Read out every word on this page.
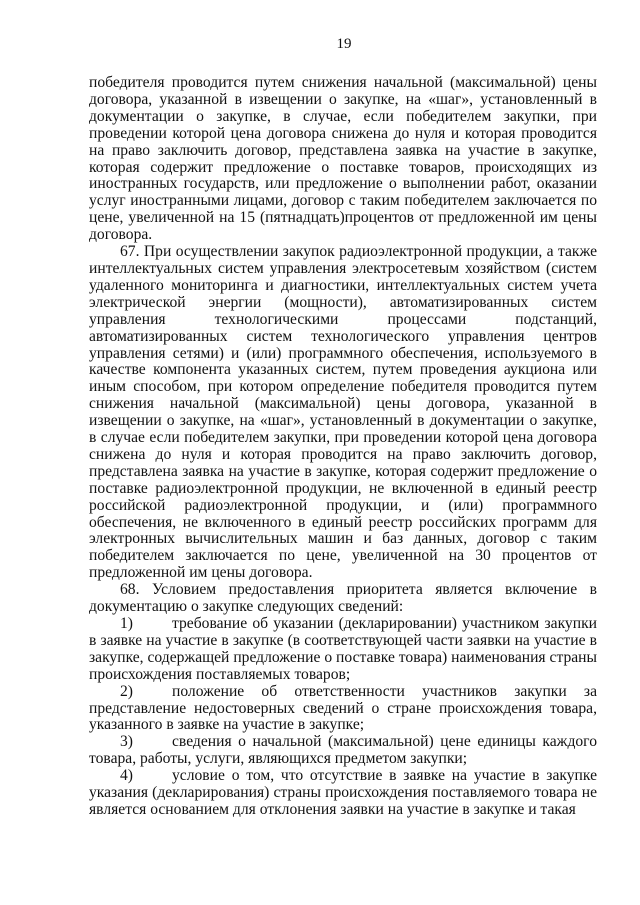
19

победителя проводится путем снижения начальной (максимальной) цены договора, указанной в извещении о закупке, на «шаг», установленный в документации о закупке, в случае, если победителем закупки, при проведении которой цена договора снижена до нуля и которая проводится на право заключить договор, представлена заявка на участие в закупке, которая содержит предложение о поставке товаров, происходящих из иностранных государств, или предложение о выполнении работ, оказании услуг иностранными лицами, договор с таким победителем заключается по цене, увеличенной на 15 (пятнадцать)процентов от предложенной им цены договора.

67. При осуществлении закупок радиоэлектронной продукции, а также интеллектуальных систем управления электросетевым хозяйством (систем удаленного мониторинга и диагностики, интеллектуальных систем учета электрической энергии (мощности), автоматизированных систем управления технологическими процессами подстанций, автоматизированных систем технологического управления центров управления сетями) и (или) программного обеспечения, используемого в качестве компонента указанных систем, путем проведения аукциона или иным способом, при котором определение победителя проводится путем снижения начальной (максимальной) цены договора, указанной в извещении о закупке, на «шаг», установленный в документации о закупке, в случае если победителем закупки, при проведении которой цена договора снижена до нуля и которая проводится на право заключить договор, представлена заявка на участие в закупке, которая содержит предложение о поставке радиоэлектронной продукции, не включенной в единый реестр российской радиоэлектронной продукции, и (или) программного обеспечения, не включенного в единый реестр российских программ для электронных вычислительных машин и баз данных, договор с таким победителем заключается по цене, увеличенной на 30 процентов от предложенной им цены договора.

68. Условием предоставления приоритета является включение в документацию о закупке следующих сведений:

1)	требование об указании (декларировании) участником закупки в заявке на участие в закупке (в соответствующей части заявки на участие в закупке, содержащей предложение о поставке товара) наименования страны происхождения поставляемых товаров;

2)	положение об ответственности участников закупки за представление недостоверных сведений о стране происхождения товара, указанного в заявке на участие в закупке;

3)	сведения о начальной (максимальной) цене единицы каждого товара, работы, услуги, являющихся предметом закупки;

4)	условие о том, что отсутствие в заявке на участие в закупке указания (декларирования) страны происхождения поставляемого товара не является основанием для отклонения заявки на участие в закупке и такая
